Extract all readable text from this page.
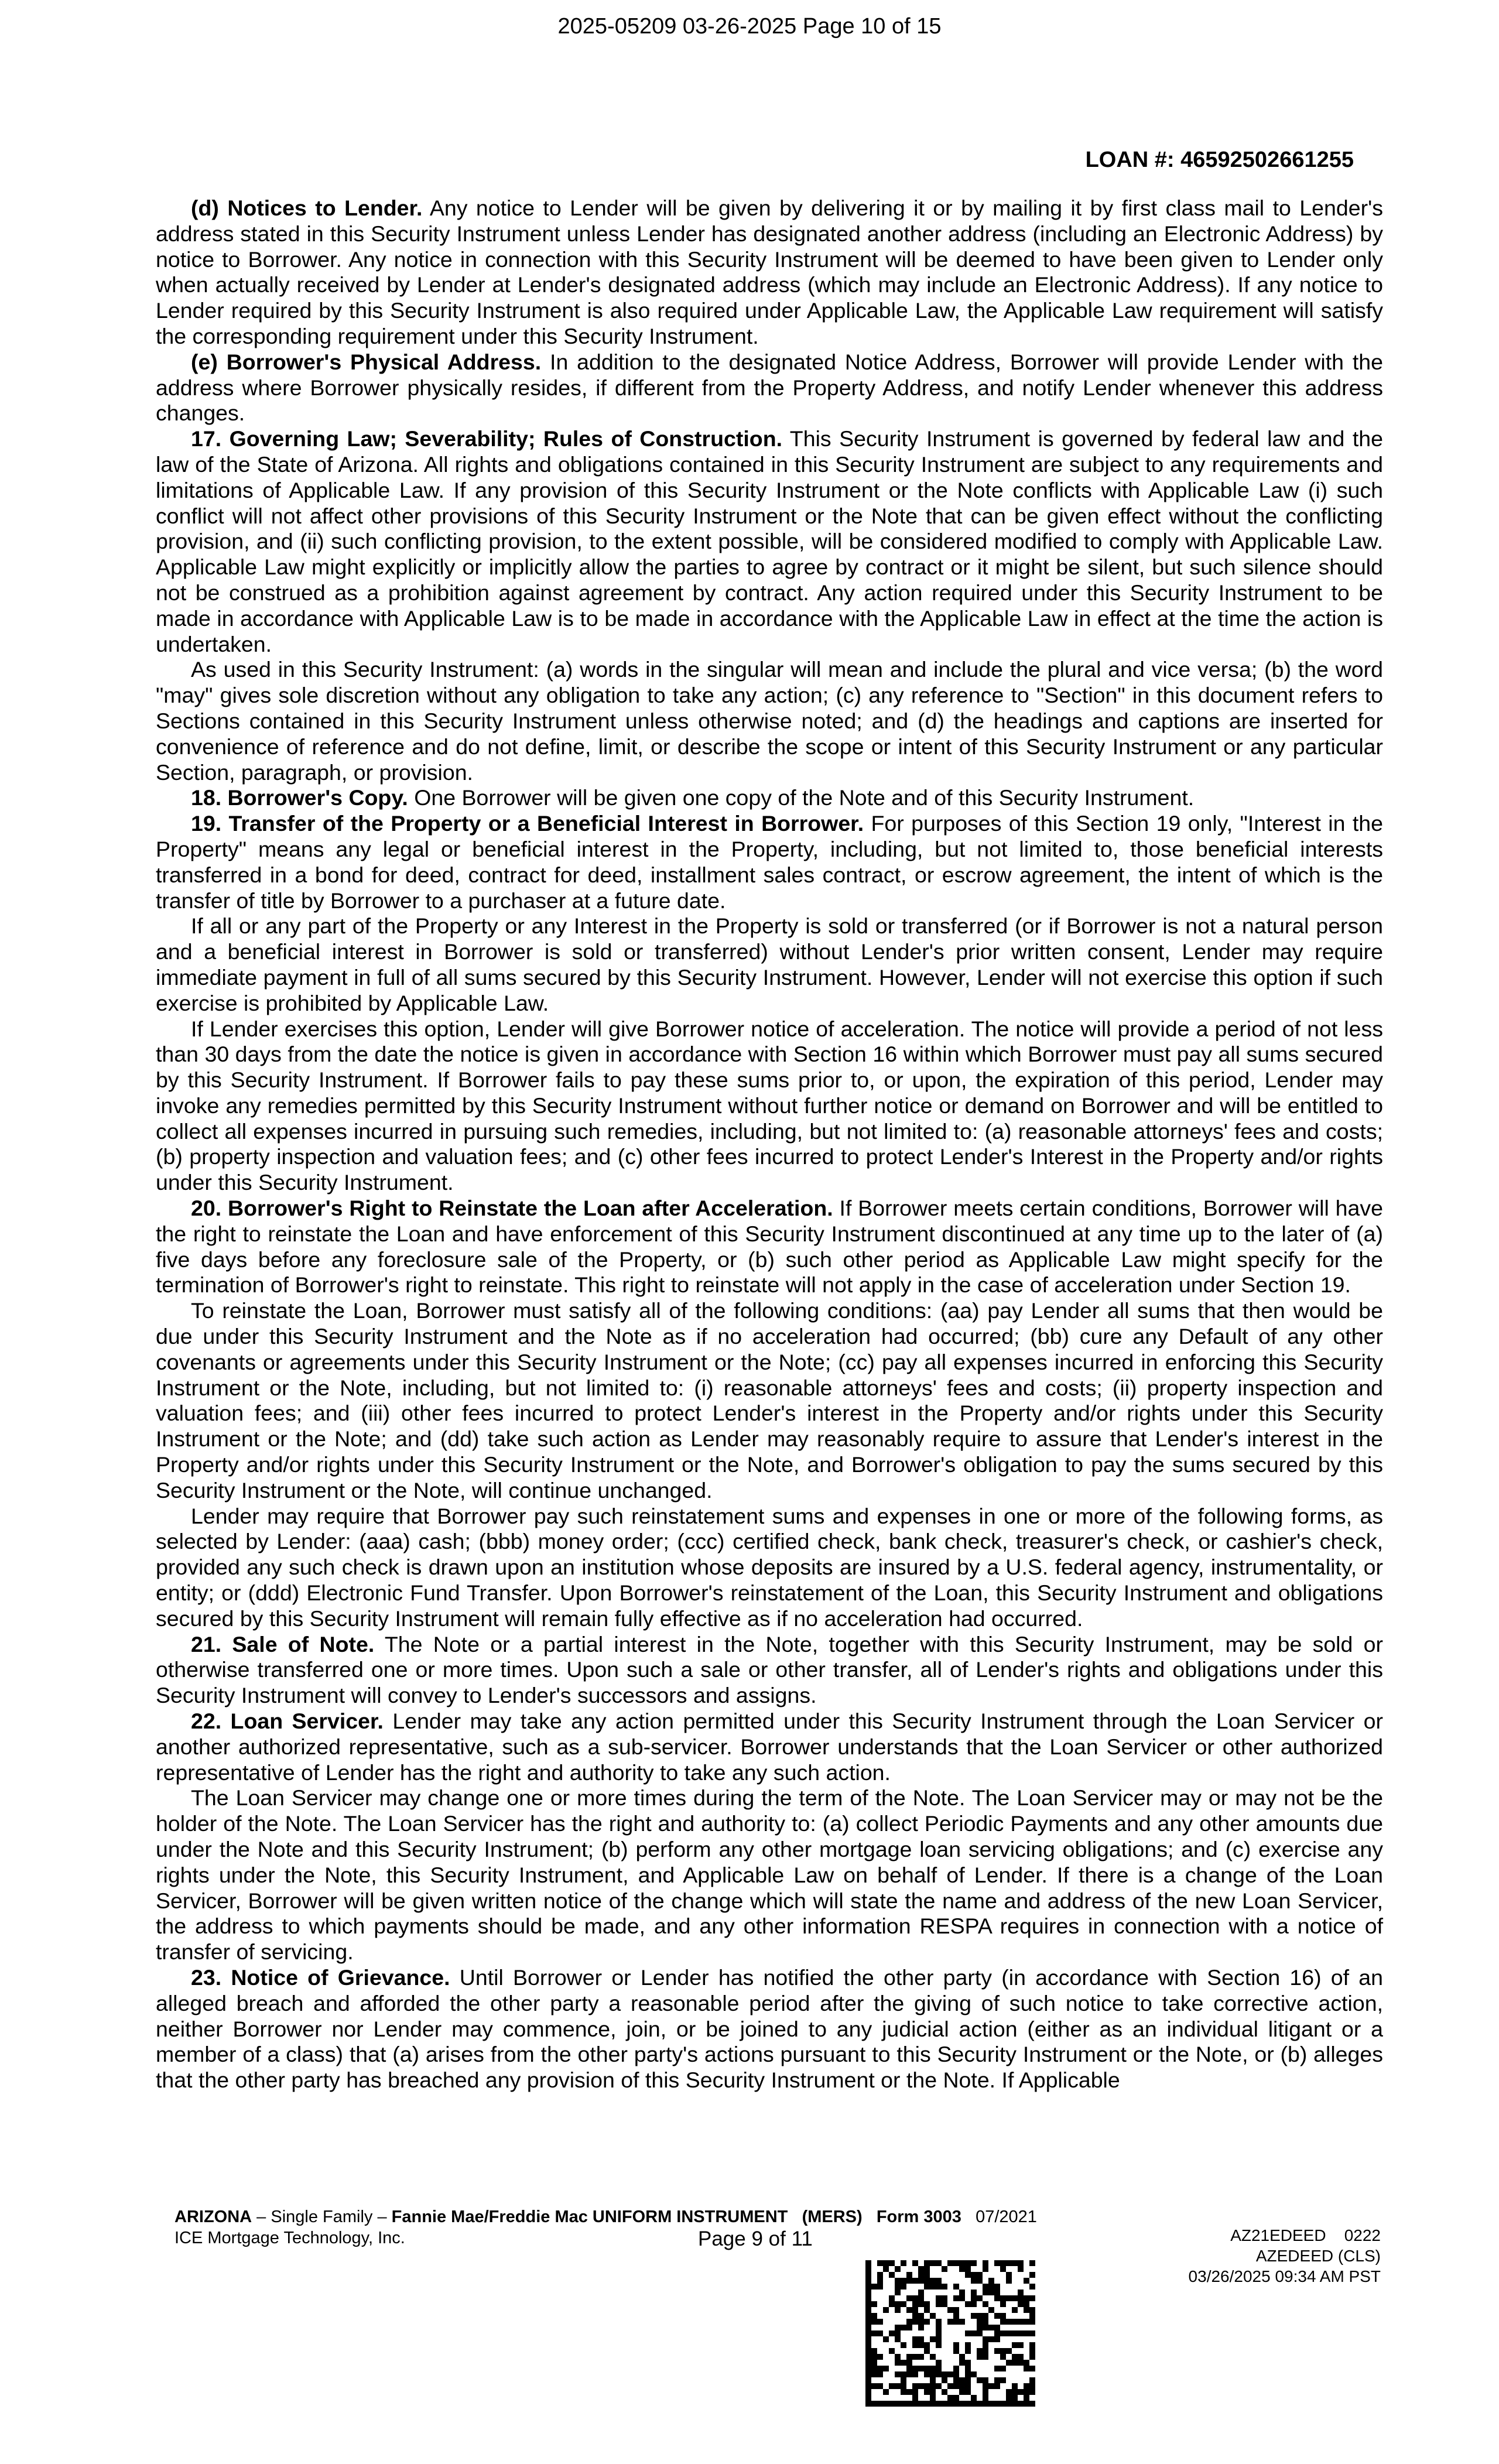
2025-05209 03-26-2025 Page 10 of 15
LOAN #: 46592502661255

(d) Notices to Lender. Any notice to Lender will be given by delivering it or by mailing it by first class mail to Lender's address stated in this Security Instrument unless Lender has designated another address (including an Electronic Address) by notice to Borrower. Any notice in connection with this Security Instrument will be deemed to have been given to Lender only when actually received by Lender at Lender's designated address (which may include an Electronic Address). If any notice to Lender required by this Security Instrument is also required under Applicable Law, the Applicable Law requirement will satisfy the corresponding requirement under this Security Instrument.

(e) Borrower's Physical Address. In addition to the designated Notice Address, Borrower will provide Lender with the address where Borrower physically resides, if different from the Property Address, and notify Lender whenever this address changes.

17. Governing Law; Severability; Rules of Construction. This Security Instrument is governed by federal law and the law of the State of Arizona. All rights and obligations contained in this Security Instrument are subject to any requirements and limitations of Applicable Law. If any provision of this Security Instrument or the Note conflicts with Applicable Law (i) such conflict will not affect other provisions of this Security Instrument or the Note that can be given effect without the conflicting provision, and (ii) such conflicting provision, to the extent possible, will be considered modified to comply with Applicable Law. Applicable Law might explicitly or implicitly allow the parties to agree by contract or it might be silent, but such silence should not be construed as a prohibition against agreement by contract. Any action required under this Security Instrument to be made in accordance with Applicable Law is to be made in accordance with the Applicable Law in effect at the time the action is undertaken.

As used in this Security Instrument: (a) words in the singular will mean and include the plural and vice versa; (b) the word "may" gives sole discretion without any obligation to take any action; (c) any reference to "Section" in this document refers to Sections contained in this Security Instrument unless otherwise noted; and (d) the headings and captions are inserted for convenience of reference and do not define, limit, or describe the scope or intent of this Security Instrument or any particular Section, paragraph, or provision.

18. Borrower's Copy. One Borrower will be given one copy of the Note and of this Security Instrument.

19. Transfer of the Property or a Beneficial Interest in Borrower. For purposes of this Section 19 only, "Interest in the Property" means any legal or beneficial interest in the Property, including, but not limited to, those beneficial interests transferred in a bond for deed, contract for deed, installment sales contract, or escrow agreement, the intent of which is the transfer of title by Borrower to a purchaser at a future date.

If all or any part of the Property or any Interest in the Property is sold or transferred (or if Borrower is not a natural person and a beneficial interest in Borrower is sold or transferred) without Lender's prior written consent, Lender may require immediate payment in full of all sums secured by this Security Instrument. However, Lender will not exercise this option if such exercise is prohibited by Applicable Law.

If Lender exercises this option, Lender will give Borrower notice of acceleration. The notice will provide a period of not less than 30 days from the date the notice is given in accordance with Section 16 within which Borrower must pay all sums secured by this Security Instrument. If Borrower fails to pay these sums prior to, or upon, the expiration of this period, Lender may invoke any remedies permitted by this Security Instrument without further notice or demand on Borrower and will be entitled to collect all expenses incurred in pursuing such remedies, including, but not limited to: (a) reasonable attorneys' fees and costs; (b) property inspection and valuation fees; and (c) other fees incurred to protect Lender's Interest in the Property and/or rights under this Security Instrument.

20. Borrower's Right to Reinstate the Loan after Acceleration. If Borrower meets certain conditions, Borrower will have the right to reinstate the Loan and have enforcement of this Security Instrument discontinued at any time up to the later of (a) five days before any foreclosure sale of the Property, or (b) such other period as Applicable Law might specify for the termination of Borrower's right to reinstate. This right to reinstate will not apply in the case of acceleration under Section 19.

To reinstate the Loan, Borrower must satisfy all of the following conditions: (aa) pay Lender all sums that then would be due under this Security Instrument and the Note as if no acceleration had occurred; (bb) cure any Default of any other covenants or agreements under this Security Instrument or the Note; (cc) pay all expenses incurred in enforcing this Security Instrument or the Note, including, but not limited to: (i) reasonable attorneys' fees and costs; (ii) property inspection and valuation fees; and (iii) other fees incurred to protect Lender's interest in the Property and/or rights under this Security Instrument or the Note; and (dd) take such action as Lender may reasonably require to assure that Lender's interest in the Property and/or rights under this Security Instrument or the Note, and Borrower's obligation to pay the sums secured by this Security Instrument or the Note, will continue unchanged.

Lender may require that Borrower pay such reinstatement sums and expenses in one or more of the following forms, as selected by Lender: (aaa) cash; (bbb) money order; (ccc) certified check, bank check, treasurer's check, or cashier's check, provided any such check is drawn upon an institution whose deposits are insured by a U.S. federal agency, instrumentality, or entity; or (ddd) Electronic Fund Transfer. Upon Borrower's reinstatement of the Loan, this Security Instrument and obligations secured by this Security Instrument will remain fully effective as if no acceleration had occurred.

21. Sale of Note. The Note or a partial interest in the Note, together with this Security Instrument, may be sold or otherwise transferred one or more times. Upon such a sale or other transfer, all of Lender's rights and obligations under this Security Instrument will convey to Lender's successors and assigns.

22. Loan Servicer. Lender may take any action permitted under this Security Instrument through the Loan Servicer or another authorized representative, such as a sub-servicer. Borrower understands that the Loan Servicer or other authorized representative of Lender has the right and authority to take any such action.

The Loan Servicer may change one or more times during the term of the Note. The Loan Servicer may or may not be the holder of the Note. The Loan Servicer has the right and authority to: (a) collect Periodic Payments and any other amounts due under the Note and this Security Instrument; (b) perform any other mortgage loan servicing obligations; and (c) exercise any rights under the Note, this Security Instrument, and Applicable Law on behalf of Lender. If there is a change of the Loan Servicer, Borrower will be given written notice of the change which will state the name and address of the new Loan Servicer, the address to which payments should be made, and any other information RESPA requires in connection with a notice of transfer of servicing.

23. Notice of Grievance. Until Borrower or Lender has notified the other party (in accordance with Section 16) of an alleged breach and afforded the other party a reasonable period after the giving of such notice to take corrective action, neither Borrower nor Lender may commence, join, or be joined to any judicial action (either as an individual litigant or a member of a class) that (a) arises from the other party's actions pursuant to this Security Instrument or the Note, or (b) alleges that the other party has breached any provision of this Security Instrument or the Note. If Applicable

ARIZONA – Single Family – Fannie Mae/Freddie Mac UNIFORM INSTRUMENT (MERS) Form 3003 07/2021
ICE Mortgage Technology, Inc.	Page 9 of 11	AZ21EDEED    0222
AZEDEED (CLS)
03/26/2025 09:34 AM PST
